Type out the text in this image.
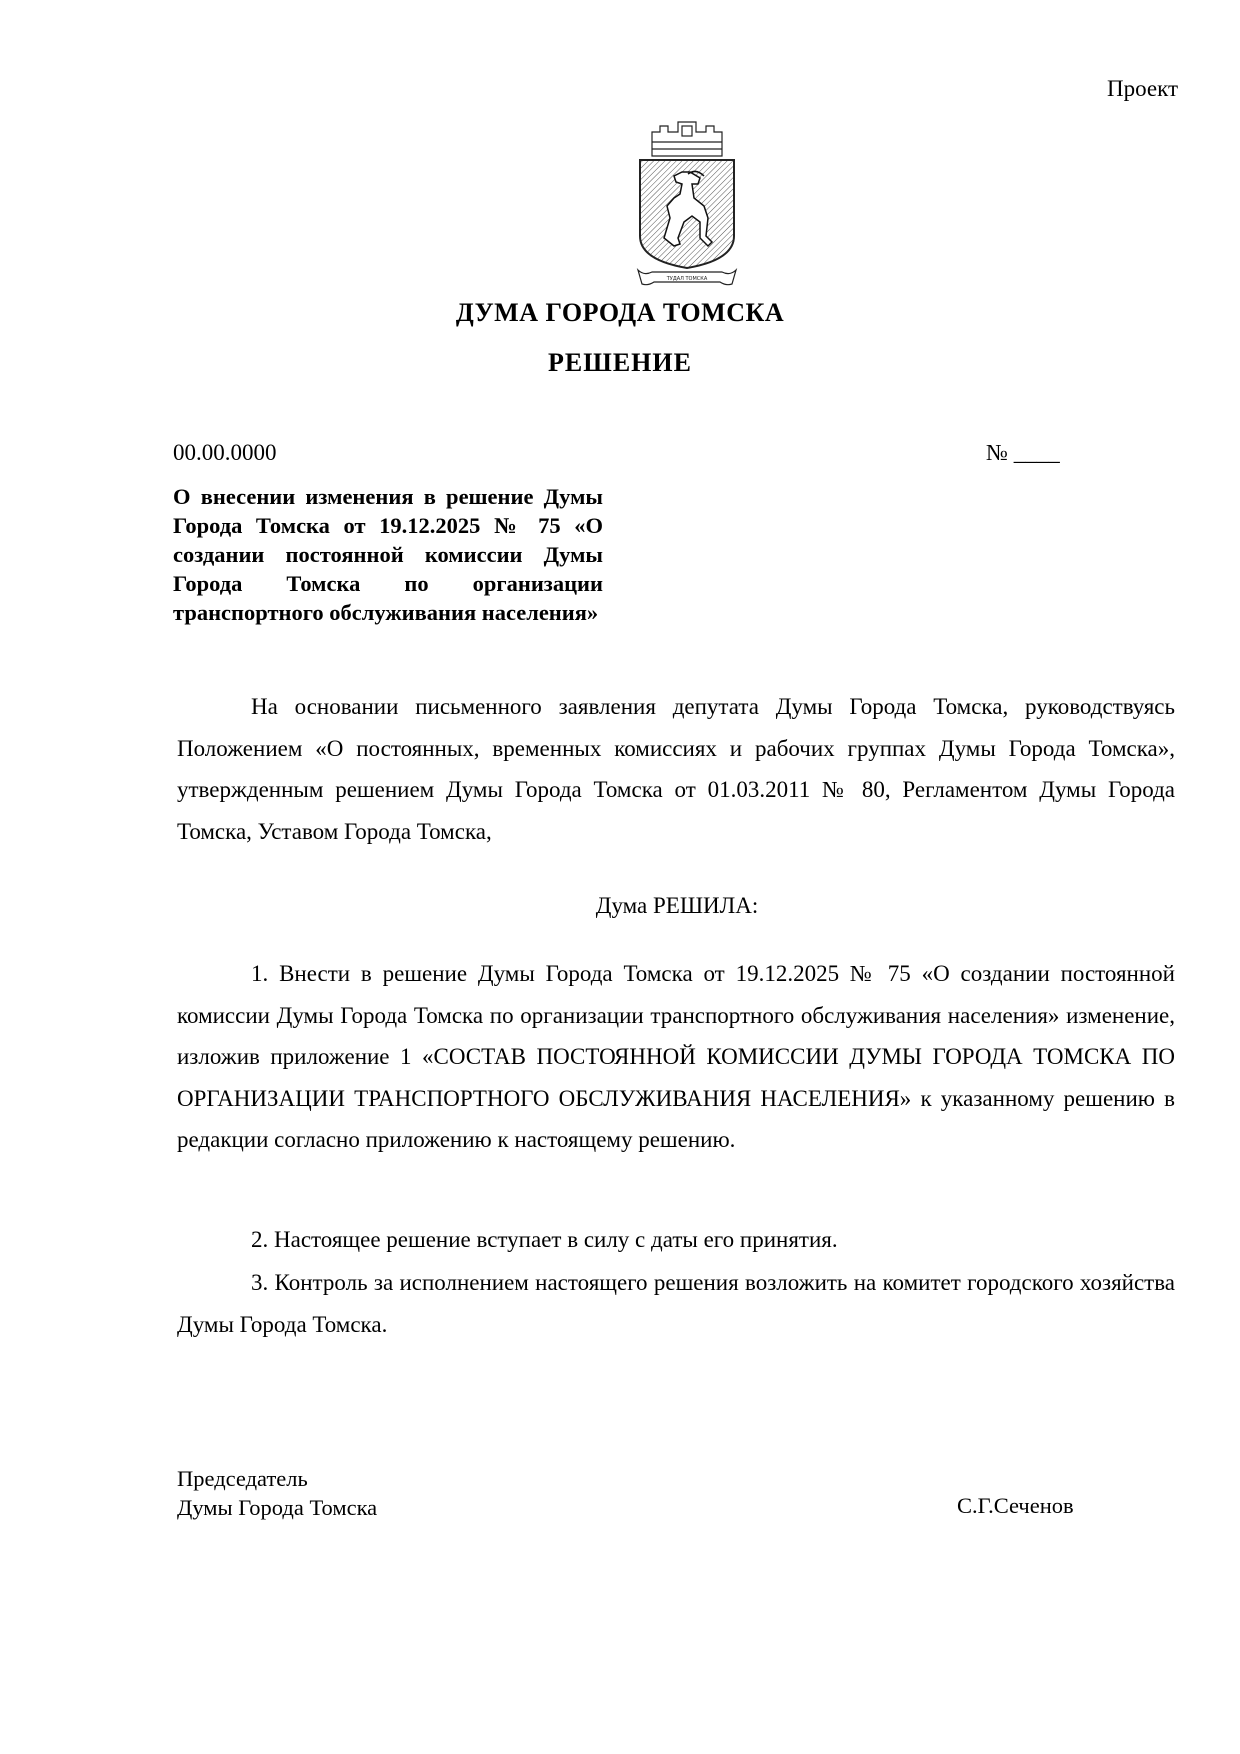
Проект
ТУДАЛ ТОМСКА
ДУМА ГОРОДА ТОМСКА
РЕШЕНИЕ
00.00.0000	№ ____
О внесении изменения в решение Думы Города Томска от 19.12.2025 № 75 «О создании постоянной комиссии Думы Города Томска по организации транспортного обслуживания населения»
На основании письменного заявления депутата Думы Города Томска, руководствуясь Положением «О постоянных, временных комиссиях и рабочих группах Думы Города Томска», утвержденным решением Думы Города Томска от 01.03.2011 № 80, Регламентом Думы Города Томска, Уставом Города Томска,
Дума РЕШИЛА:
1. Внести в решение Думы Города Томска от 19.12.2025 № 75 «О создании постоянной комиссии Думы Города Томска по организации транспортного обслуживания населения» изменение, изложив приложение 1 «СОСТАВ ПОСТОЯННОЙ КОМИССИИ ДУМЫ ГОРОДА ТОМСКА ПО ОРГАНИЗАЦИИ ТРАНСПОРТНОГО ОБСЛУЖИВАНИЯ НАСЕЛЕНИЯ» к указанному решению в редакции согласно приложению к настоящему решению.
2. Настоящее решение вступает в силу с даты его принятия.
3. Контроль за исполнением настоящего решения возложить на комитет городского хозяйства Думы Города Томска.
Председатель
Думы Города Томска	С.Г.Сеченов
